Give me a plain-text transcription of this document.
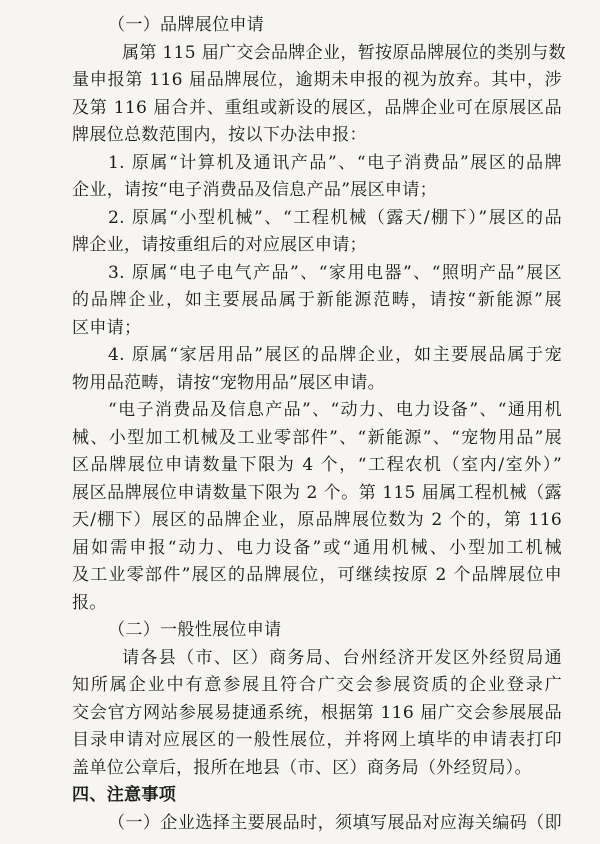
（一）品牌展位申请
属第 115 届广交会品牌企业，暂按原品牌展位的类别与数
量申报第 116 届品牌展位，逾期未申报的视为放弃。其中，涉
及第 116 届合并、重组或新设的展区，品牌企业可在原展区品
牌展位总数范围内，按以下办法申报：
1. 原属“计算机及通讯产品”、“电子消费品”展区的品牌
企业，请按“电子消费品及信息产品”展区申请；
2. 原属“小型机械”、“工程机械（露天/棚下）”展区的品
牌企业，请按重组后的对应展区申请；
3. 原属“电子电气产品”、“家用电器”、“照明产品”展区
的品牌企业，如主要展品属于新能源范畴，请按“新能源”展
区申请；
4. 原属“家居用品”展区的品牌企业，如主要展品属于宠
物用品范畴，请按“宠物用品”展区申请。
“电子消费品及信息产品”、“动力、电力设备”、“通用机
械、小型加工机械及工业零部件”、“新能源”、“宠物用品”展
区品牌展位申请数量下限为 4 个，“工程农机（室内/室外）”
展区品牌展位申请数量下限为 2 个。第 115 届属工程机械（露
天/棚下）展区的品牌企业，原品牌展位数为 2 个的，第 116
届如需申报“动力、电力设备”或“通用机械、小型加工机械
及工业零部件”展区的品牌展位，可继续按原 2 个品牌展位申
报。
（二）一般性展位申请
请各县（市、区）商务局、台州经济开发区外经贸局通
知所属企业中有意参展且符合广交会参展资质的企业登录广
交会官方网站参展易捷通系统，根据第 116 届广交会参展展品
目录申请对应展区的一般性展位，并将网上填毕的申请表打印
盖单位公章后，报所在地县（市、区）商务局（外经贸局）。
四、注意事项
（一）企业选择主要展品时，须填写展品对应海关编码（即
